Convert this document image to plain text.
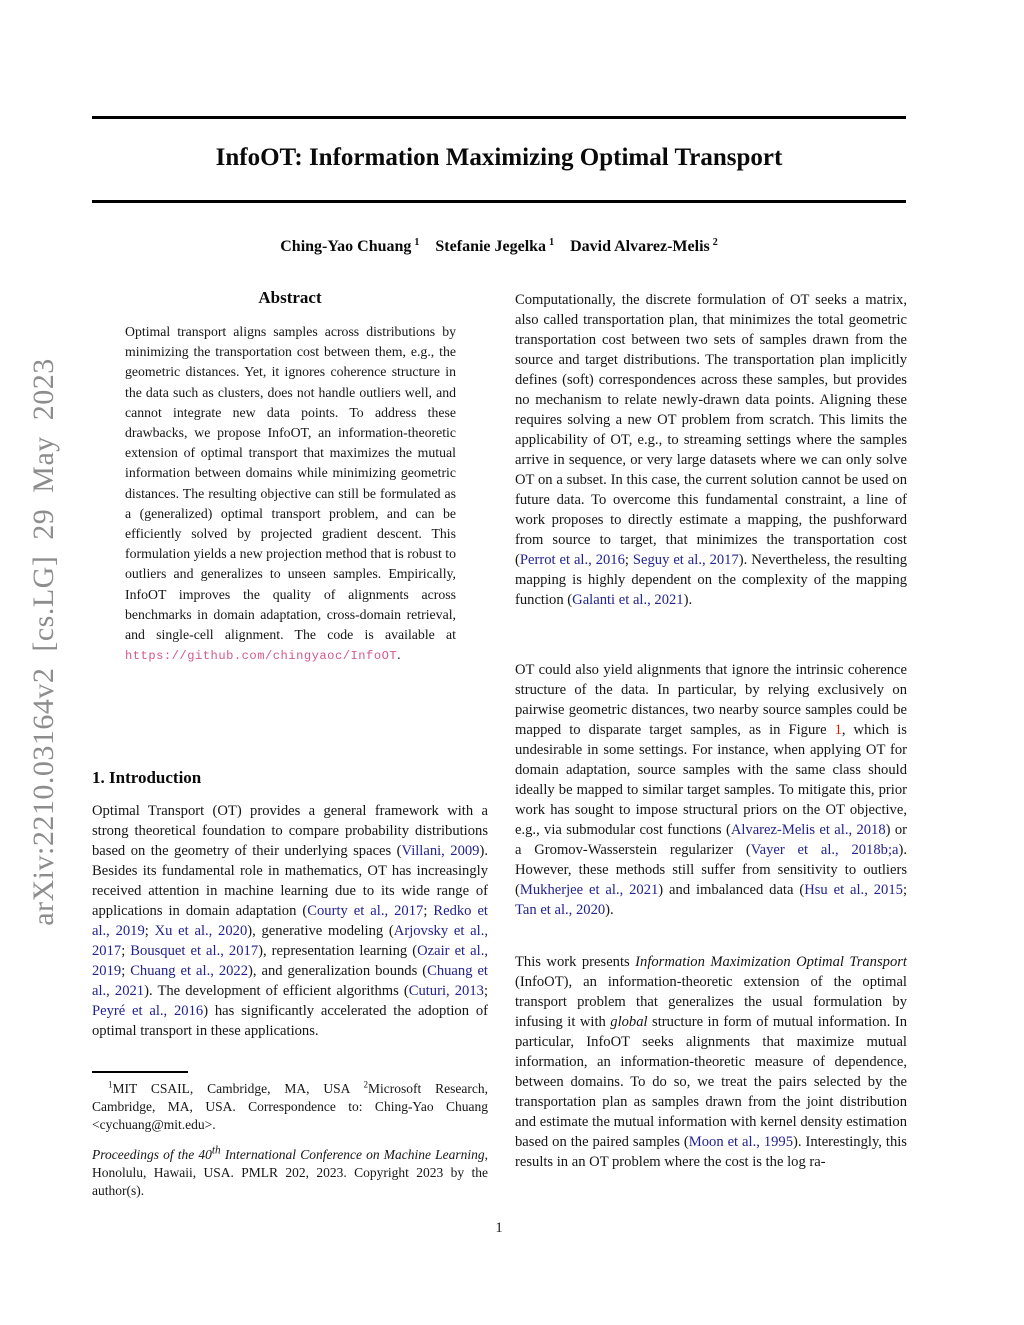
arXiv:2210.03164v2 [cs.LG] 29 May 2023
InfoOT: Information Maximizing Optimal Transport
Ching-Yao Chuang $^1$  Stefanie Jegelka $^1$  David Alvarez-Melis $^2$
Abstract
Optimal transport aligns samples across distributions by minimizing the transportation cost between them, e.g., the geometric distances. Yet, it ignores coherence structure in the data such as clusters, does not handle outliers well, and cannot integrate new data points. To address these drawbacks, we propose InfoOT, an information-theoretic extension of optimal transport that maximizes the mutual information between domains while minimizing geometric distances. The resulting objective can still be formulated as a (generalized) optimal transport problem, and can be efficiently solved by projected gradient descent. This formulation yields a new projection method that is robust to outliers and generalizes to unseen samples. Empirically, InfoOT improves the quality of alignments across benchmarks in domain adaptation, cross-domain retrieval, and single-cell alignment. The code is available at https://github.com/chingyaoc/InfoOT.
1. Introduction
Optimal Transport (OT) provides a general framework with a strong theoretical foundation to compare probability distributions based on the geometry of their underlying spaces (Villani, 2009). Besides its fundamental role in mathematics, OT has increasingly received attention in machine learning due to its wide range of applications in domain adaptation (Courty et al., 2017; Redko et al., 2019; Xu et al., 2020), generative modeling (Arjovsky et al., 2017; Bousquet et al., 2017), representation learning (Ozair et al., 2019; Chuang et al., 2022), and generalization bounds (Chuang et al., 2021). The development of efficient algorithms (Cuturi, 2013; Peyré et al., 2016) has significantly accelerated the adoption of optimal transport in these applications.
$^1$MIT CSAIL, Cambridge, MA, USA $^2$Microsoft Research, Cambridge, MA, USA. Correspondence to: Ching-Yao Chuang <cychuang@mit.edu>.
Proceedings of the 40th International Conference on Machine Learning, Honolulu, Hawaii, USA. PMLR 202, 2023. Copyright 2023 by the author(s).
Computationally, the discrete formulation of OT seeks a matrix, also called transportation plan, that minimizes the total geometric transportation cost between two sets of samples drawn from the source and target distributions. The transportation plan implicitly defines (soft) correspondences across these samples, but provides no mechanism to relate newly-drawn data points. Aligning these requires solving a new OT problem from scratch. This limits the applicability of OT, e.g., to streaming settings where the samples arrive in sequence, or very large datasets where we can only solve OT on a subset. In this case, the current solution cannot be used on future data. To overcome this fundamental constraint, a line of work proposes to directly estimate a mapping, the pushforward from source to target, that minimizes the transportation cost (Perrot et al., 2016; Seguy et al., 2017). Nevertheless, the resulting mapping is highly dependent on the complexity of the mapping function (Galanti et al., 2021).
OT could also yield alignments that ignore the intrinsic coherence structure of the data. In particular, by relying exclusively on pairwise geometric distances, two nearby source samples could be mapped to disparate target samples, as in Figure 1, which is undesirable in some settings. For instance, when applying OT for domain adaptation, source samples with the same class should ideally be mapped to similar target samples. To mitigate this, prior work has sought to impose structural priors on the OT objective, e.g., via submodular cost functions (Alvarez-Melis et al., 2018) or a Gromov-Wasserstein regularizer (Vayer et al., 2018b;a). However, these methods still suffer from sensitivity to outliers (Mukherjee et al., 2021) and imbalanced data (Hsu et al., 2015; Tan et al., 2020).
This work presents Information Maximization Optimal Transport (InfoOT), an information-theoretic extension of the optimal transport problem that generalizes the usual formulation by infusing it with global structure in form of mutual information. In particular, InfoOT seeks alignments that maximize mutual information, an information-theoretic measure of dependence, between domains. To do so, we treat the pairs selected by the transportation plan as samples drawn from the joint distribution and estimate the mutual information with kernel density estimation based on the paired samples (Moon et al., 1995). Interestingly, this results in an OT problem where the cost is the log ra-
1
